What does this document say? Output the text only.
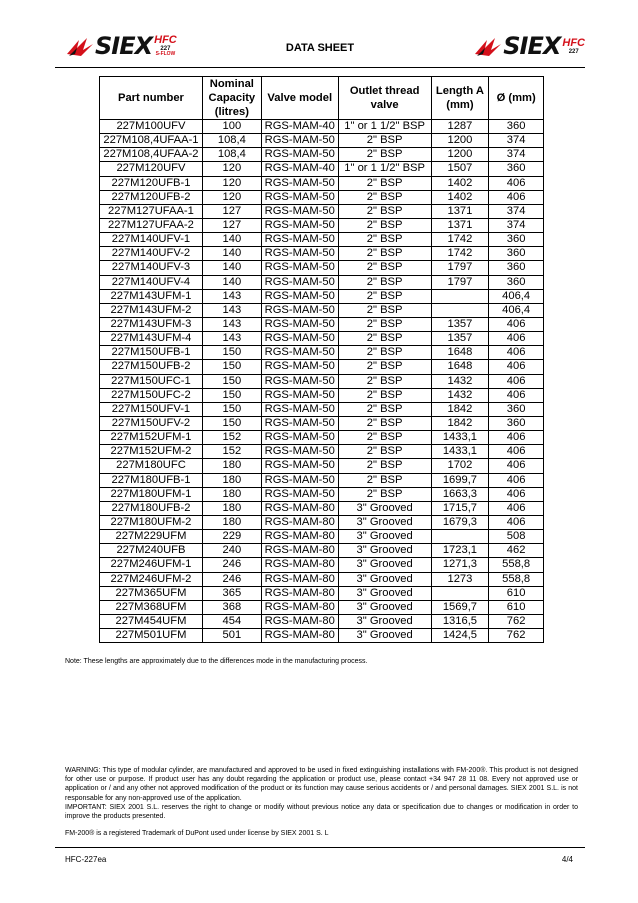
SIEX HFC
227
S-FLOW	DATA SHEET	SIEX HFC
227
Part number	Nominal Capacity (litres)	Valve model	Outlet thread valve	Length A (mm)	Ø (mm)
227M100UFV	100	RGS-MAM-40	1" or 1 1/2" BSP	1287	360
227M108,4UFAA-1	108,4	RGS-MAM-50	2" BSP	1200	374
227M108,4UFAA-2	108,4	RGS-MAM-50	2" BSP	1200	374
227M120UFV	120	RGS-MAM-40	1" or 1 1/2" BSP	1507	360
227M120UFB-1	120	RGS-MAM-50	2" BSP	1402	406
227M120UFB-2	120	RGS-MAM-50	2" BSP	1402	406
227M127UFAA-1	127	RGS-MAM-50	2" BSP	1371	374
227M127UFAA-2	127	RGS-MAM-50	2" BSP	1371	374
227M140UFV-1	140	RGS-MAM-50	2" BSP	1742	360
227M140UFV-2	140	RGS-MAM-50	2" BSP	1742	360
227M140UFV-3	140	RGS-MAM-50	2" BSP	1797	360
227M140UFV-4	140	RGS-MAM-50	2" BSP	1797	360
227M143UFM-1	143	RGS-MAM-50	2" BSP		406,4
227M143UFM-2	143	RGS-MAM-50	2" BSP		406,4
227M143UFM-3	143	RGS-MAM-50	2" BSP	1357	406
227M143UFM-4	143	RGS-MAM-50	2" BSP	1357	406
227M150UFB-1	150	RGS-MAM-50	2" BSP	1648	406
227M150UFB-2	150	RGS-MAM-50	2" BSP	1648	406
227M150UFC-1	150	RGS-MAM-50	2" BSP	1432	406
227M150UFC-2	150	RGS-MAM-50	2" BSP	1432	406
227M150UFV-1	150	RGS-MAM-50	2" BSP	1842	360
227M150UFV-2	150	RGS-MAM-50	2" BSP	1842	360
227M152UFM-1	152	RGS-MAM-50	2" BSP	1433,1	406
227M152UFM-2	152	RGS-MAM-50	2" BSP	1433,1	406
227M180UFC	180	RGS-MAM-50	2" BSP	1702	406
227M180UFB-1	180	RGS-MAM-50	2" BSP	1699,7	406
227M180UFM-1	180	RGS-MAM-50	2" BSP	1663,3	406
227M180UFB-2	180	RGS-MAM-80	3" Grooved	1715,7	406
227M180UFM-2	180	RGS-MAM-80	3" Grooved	1679,3	406
227M229UFM	229	RGS-MAM-80	3" Grooved		508
227M240UFB	240	RGS-MAM-80	3" Grooved	1723,1	462
227M246UFM-1	246	RGS-MAM-80	3" Grooved	1271,3	558,8
227M246UFM-2	246	RGS-MAM-80	3" Grooved	1273	558,8
227M365UFM	365	RGS-MAM-80	3" Grooved		610
227M368UFM	368	RGS-MAM-80	3" Grooved	1569,7	610
227M454UFM	454	RGS-MAM-80	3" Grooved	1316,5	762
227M501UFM	501	RGS-MAM-80	3" Grooved	1424,5	762
Note: These lengths are approximately due to the differences mode in the manufacturing process.
WARNING: This type of modular cylinder, are manufactured and approved to be used in fixed extinguishing installations with FM-200®. This product is not designed for other use or purpose. If product user has any doubt regarding the application or product use, please contact +34 947 28 11 08. Every not approved use or application or / and any other not approved modification of the product or its function may cause serious accidents or / and personal damages. SIEX 2001 S.L. is not responsable for any non-approved use of the application.
IMPORTANT: SIEX 2001 S.L. reserves the right to change or modify without previous notice any data or specification due to changes or modification in order to improve the products presented.
FM-200® is a registered Trademark of DuPont used under license by SIEX 2001 S. L
HFC-227ea	4/4
